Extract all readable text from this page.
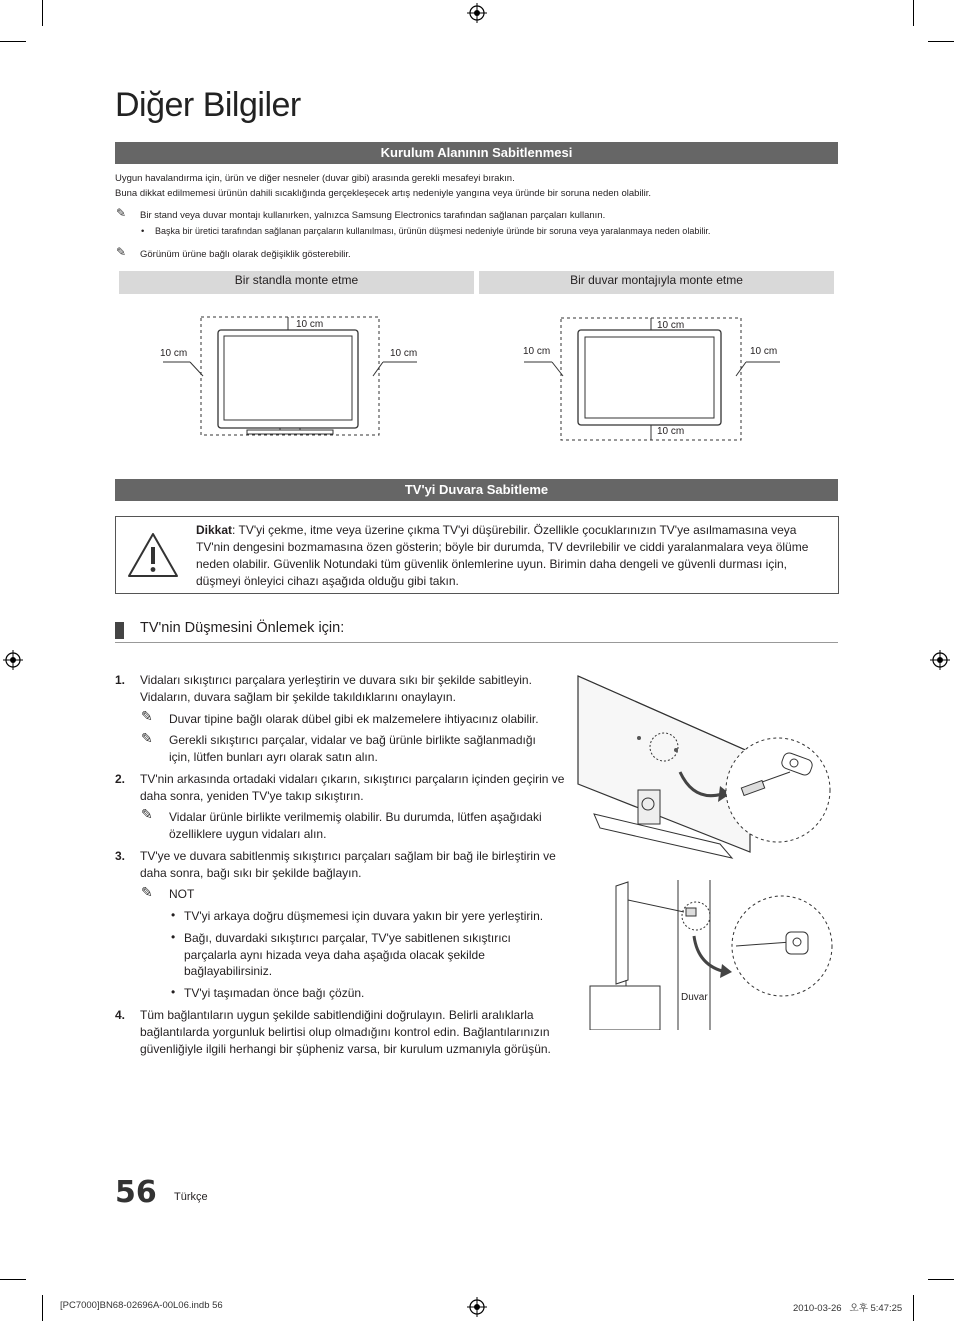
Diğer Bilgiler
Kurulum Alanının Sabitlenmesi
Uygun havalandırma için, ürün ve diğer nesneler (duvar gibi) arasında gerekli mesafeyi bırakın.
Buna dikkat edilmemesi ürünün dahili sıcaklığında gerçekleşecek artış nedeniyle yangına veya üründe bir soruna neden olabilir.
✎ Bir stand veya duvar montajı kullanırken, yalnızca Samsung Electronics tarafından sağlanan parçaları kullanın.
• Başka bir üretici tarafından sağlanan parçaların kullanılması, ürünün düşmesi nedeniyle üründe bir soruna veya yaralanmaya neden olabilir.
✎ Görünüm ürüne bağlı olarak değişiklik gösterebilir.
Bir standla monte etme	Bir duvar montajıyla monte etme
10 cm
10 cm	10 cm
10 cm
10 cm	10 cm
10 cm
TV'yi Duvara Sabitleme
Dikkat: TV'yi çekme, itme veya üzerine çıkma TV'yi düşürebilir. Özellikle çocuklarınızın TV'ye asılmamasına veya
TV'nin dengesini bozmamasına özen gösterin; böyle bir durumda, TV devrilebilir ve ciddi yaralanmalara veya ölüme
neden olabilir. Güvenlik Notundaki tüm güvenlik önlemlerine uyun. Birimin daha dengeli ve güvenli durması için,
düşmeyi önleyici cihazı aşağıda olduğu gibi takın.
TV'nin Düşmesini Önlemek için:
1. Vidaları sıkıştırıcı parçalara yerleştirin ve duvara sıkı bir şekilde sabitleyin.
Vidaların, duvara sağlam bir şekilde takıldıklarını onaylayın.
✎ Duvar tipine bağlı olarak dübel gibi ek malzemelere ihtiyacınız olabilir.
✎ Gerekli sıkıştırıcı parçalar, vidalar ve bağ ürünle birlikte sağlanmadığı
için, lütfen bunları ayrı olarak satın alın.
2. TV'nin arkasında ortadaki vidaları çıkarın, sıkıştırıcı parçaların içinden geçirin ve
daha sonra, yeniden TV'ye takıp sıkıştırın.
✎ Vidalar ürünle birlikte verilmemiş olabilir. Bu durumda, lütfen aşağıdaki
özelliklere uygun vidaları alın.
3. TV'ye ve duvara sabitlenmiş sıkıştırıcı parçaları sağlam bir bağ ile birleştirin ve
daha sonra, bağı sıkı bir şekilde bağlayın.
✎ NOT
• TV'yi arkaya doğru düşmemesi için duvara yakın bir yere yerleştirin.
• Bağı, duvardaki sıkıştırıcı parçalar, TV'ye sabitlenen sıkıştırıcı
parçalarla aynı hizada veya daha aşağıda olacak şekilde
bağlayabilirsiniz.
• TV'yi taşımadan önce bağı çözün.
4. Tüm bağlantıların uygun şekilde sabitlendiğini doğrulayın. Belirli aralıklarla
bağlantılarda yorgunluk belirtisi olup olmadığını kontrol edin. Bağlantılarınızın
güvenliğiyle ilgili herhangi bir şüpheniz varsa, bir kurulum uzmanıyla görüşün.
Duvar
56 Türkçe
[PC7000]BN68-02696A-00L06.indb 56	2010-03-26   오후 5:47:25
